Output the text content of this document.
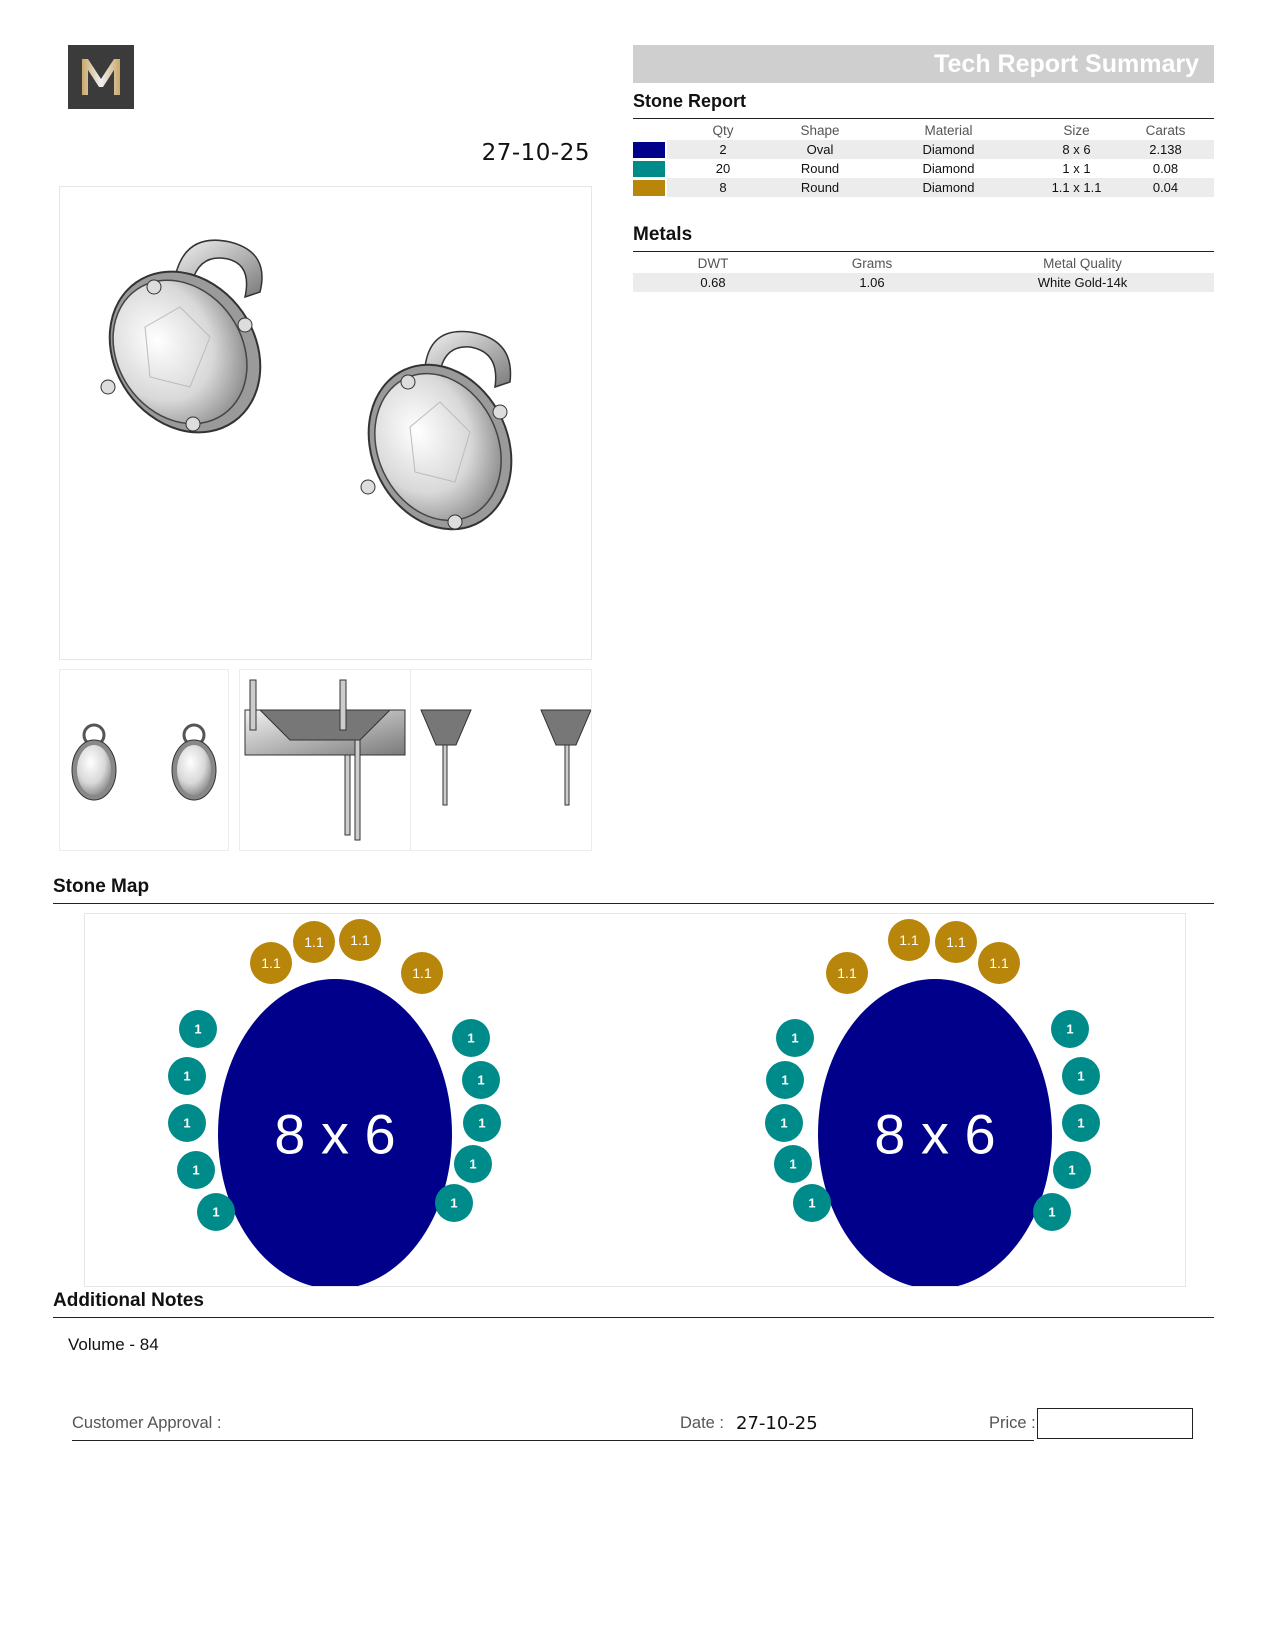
27-10-25
Tech Report Summary
Stone Report
	Qty	Shape	Material	Size	Carats

	2	Oval	Diamond	8 x 6	2.138

	20	Round	Diamond	1 x 1	0.08

	8	Round	Diamond	1.1 x 1.1	0.04
Metals
DWT	Grams	Metal Quality
0.68	1.06	White Gold-14k
Stone Map
8 x 6
1
1
1
1
1
1
1
1
1
1
1.1
1.1 1.1
1.1
8 x 6
1
1
1
1
1
1
1
1
1
1
1.1
1.1 1.1
1.1
Additional Notes
Volume - 84
Customer Approval :	Date : 27-10-25	Price :
